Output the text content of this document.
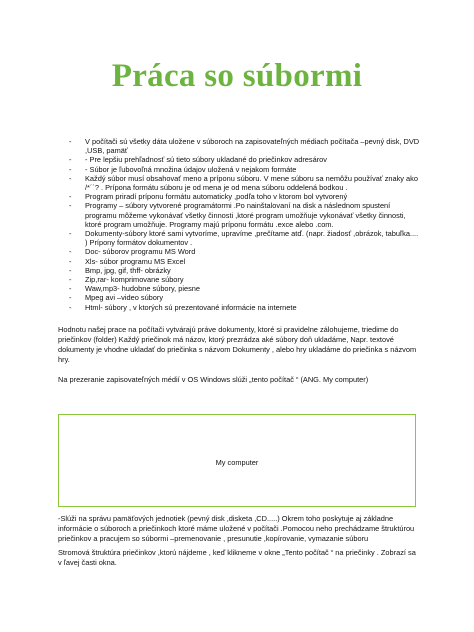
Práca so súbormi
- V počítači sú všetky dáta uložene v súboroch na zapisovateľných médiach počítača –pevný disk, DVD ,USB, pamäť
- - Pre lepšiu prehľadnosť sú tieto súbory ukladané do priečinkov adresárov
- - Súbor je ľubovoľná množina údajov uložená v nejakom formáte
- Každý súbor musí obsahovať meno a príponu súboru. V mene súboru sa nemôžu používať znaky ako /*´´? . Prípona formátu súboru je od mena je od mena súboru oddelená bodkou .
- Program priradí príponu formátu automaticky ,podľa toho v ktorom bol vytvorený
- Programy – súbory vytvorené programátormi .Po nainštalovaní na disk a následnom spustení programu môžeme vykonávať všetky činnosti ,ktoré program umožňuje vykonávať všetky činnosti, ktoré program umožňuje. Programy majú príponu formátu .exce alebo .com.
- Dokumenty-súbory ktoré sami vytvoríme, upravíme ,prečítame atď. (napr. žiadosť ,obrázok, tabuľka.... ) Prípony formátov dokumentov .
- Doc- súborov programu MS Word
- Xls- súbor programu MS Excel
- Bmp, jpg, gif, thff- obrázky
- Zip,rar- komprimovane súbory
- Waw,mp3- hudobne súbory, piesne
- Mpeg avi –video súbory
- Html- súbory , v ktorých sú prezentované informácie na internete

Hodnotu našej prace na počítači vytvárajú práve dokumenty, ktoré si pravidelne zálohujeme, triedime do priečinkov (folder) Každý priečinok má názov, ktorý prezrádza aké súbory doň ukladáme, Napr. textové dokumenty je vhodne ukladať do priečinka s názvom Dokumenty , alebo hry ukladáme do priečinka s názvom hry.

Na prezeranie zapisovateľných médií v OS Windows slúži „tento počítač “ (ANG. My computer)

My computer

-Slúži na správu pamäťových jednotiek (pevný disk ,disketa ,CD.....) Okrem toho poskytuje aj základne informácie o súboroch a priečinkoch ktoré máme uložené v počítači .Pomocou neho prechádzame štruktúrou priečinkov a pracujem so súbormi –premenovanie , presunutie ,kopírovanie, vymazanie súboru

Stromová štruktúra priečinkov ,ktorú nájdeme , keď klikneme v okne „Tento počítač “ na priečinky . Zobrazí sa v ľavej časti okna.
